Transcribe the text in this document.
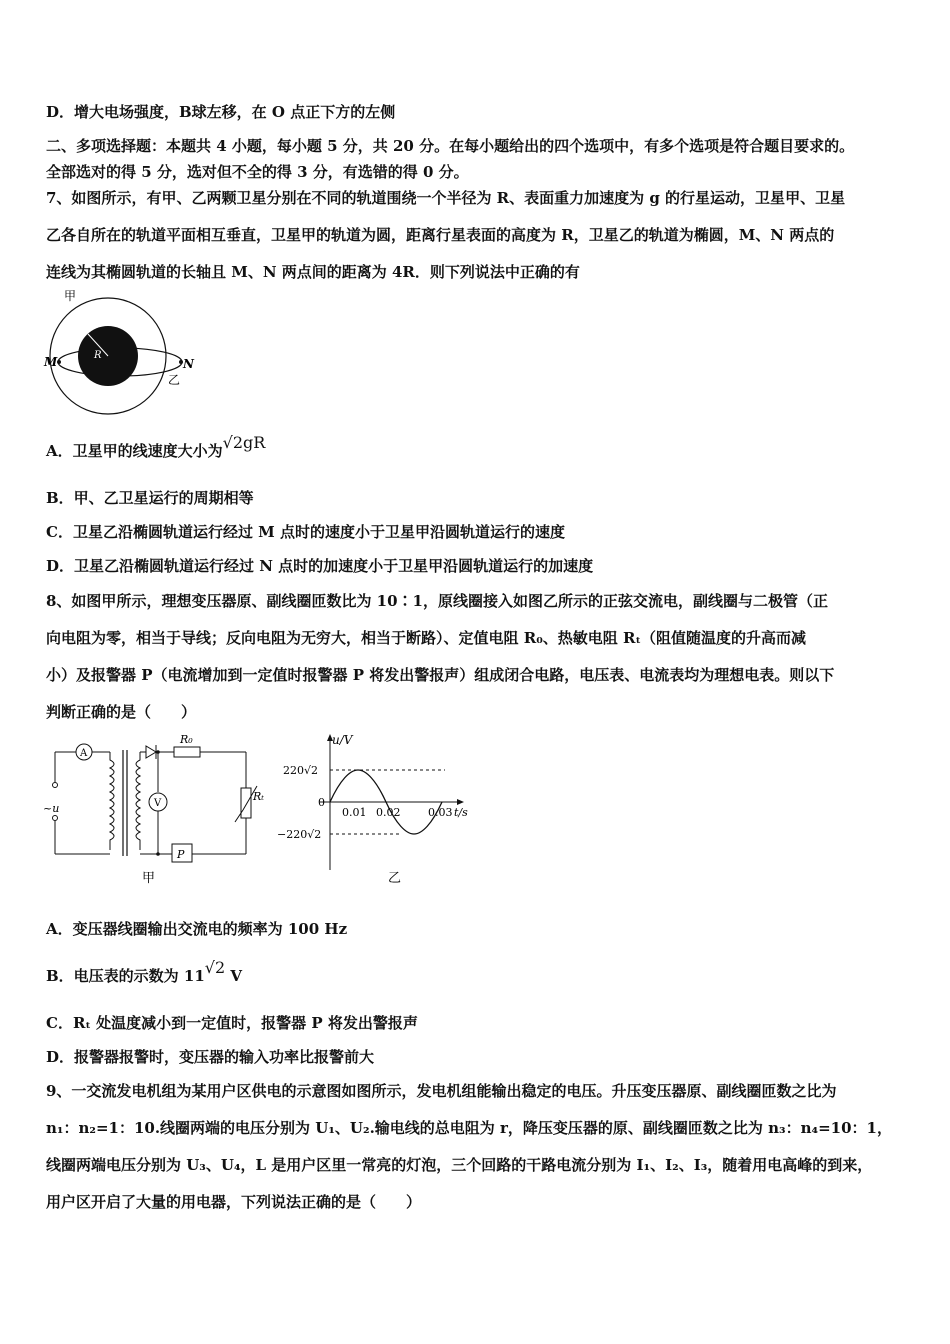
D．增大电场强度，B球左移，在 O 点正下方的左侧
二、多项选择题：本题共 4 小题，每小题 5 分，共 20 分。在每小题给出的四个选项中，有多个选项是符合题目要求的。
全部选对的得 5 分，选对但不全的得 3 分，有选错的得 0 分。
7、如图所示，有甲、乙两颗卫星分别在不同的轨道围绕一个半径为 R、表面重力加速度为 g 的行星运动，卫星甲、卫星
乙各自所在的轨道平面相互垂直，卫星甲的轨道为圆，距离行星表面的高度为 R，卫星乙的轨道为椭圆，M、N 两点的
连线为其椭圆轨道的长轴且 M、N 两点间的距离为 4R．则下列说法中正确的有
甲
R
M	N
乙
A．卫星甲的线速度大小为√2gR
B．甲、乙卫星运行的周期相等
C．卫星乙沿椭圆轨道运行经过 M 点时的速度小于卫星甲沿圆轨道运行的速度
D．卫星乙沿椭圆轨道运行经过 N 点时的加速度小于卫星甲沿圆轨道运行的加速度
8、如图甲所示，理想变压器原、副线圈匝数比为 10∶1，原线圈接入如图乙所示的正弦交流电，副线圈与二极管（正
向电阻为零，相当于导线；反向电阻为无穷大，相当于断路）、定值电阻 R₀、热敏电阻 Rₜ（阻值随温度的升高而减
小）及报警器 P（电流增加到一定值时报警器 P 将发出警报声）组成闭合电路，电压表、电流表均为理想电表。则以下
判断正确的是（　　）
A
~u
R₀
Rₜ
P
V
甲
u/V
t/s
0
220√2
−220√2
0.01 0.02	0.03
乙
A．变压器线圈输出交流电的频率为 100 Hz
B．电压表的示数为 11√2 V
C．Rₜ 处温度减小到一定值时，报警器 P 将发出警报声
D．报警器报警时，变压器的输入功率比报警前大
9、一交流发电机组为某用户区供电的示意图如图所示，发电机组能输出稳定的电压。升压变压器原、副线圈匝数之比为
n₁：n₂=1：10.线圈两端的电压分别为 U₁、U₂.输电线的总电阻为 r，降压变压器的原、副线圈匝数之比为 n₃：n₄=10：1，
线圈两端电压分别为 U₃、U₄，L 是用户区里一常亮的灯泡，三个回路的干路电流分别为 I₁、I₂、I₃，随着用电高峰的到来，
用户区开启了大量的用电器，下列说法正确的是（　　）
